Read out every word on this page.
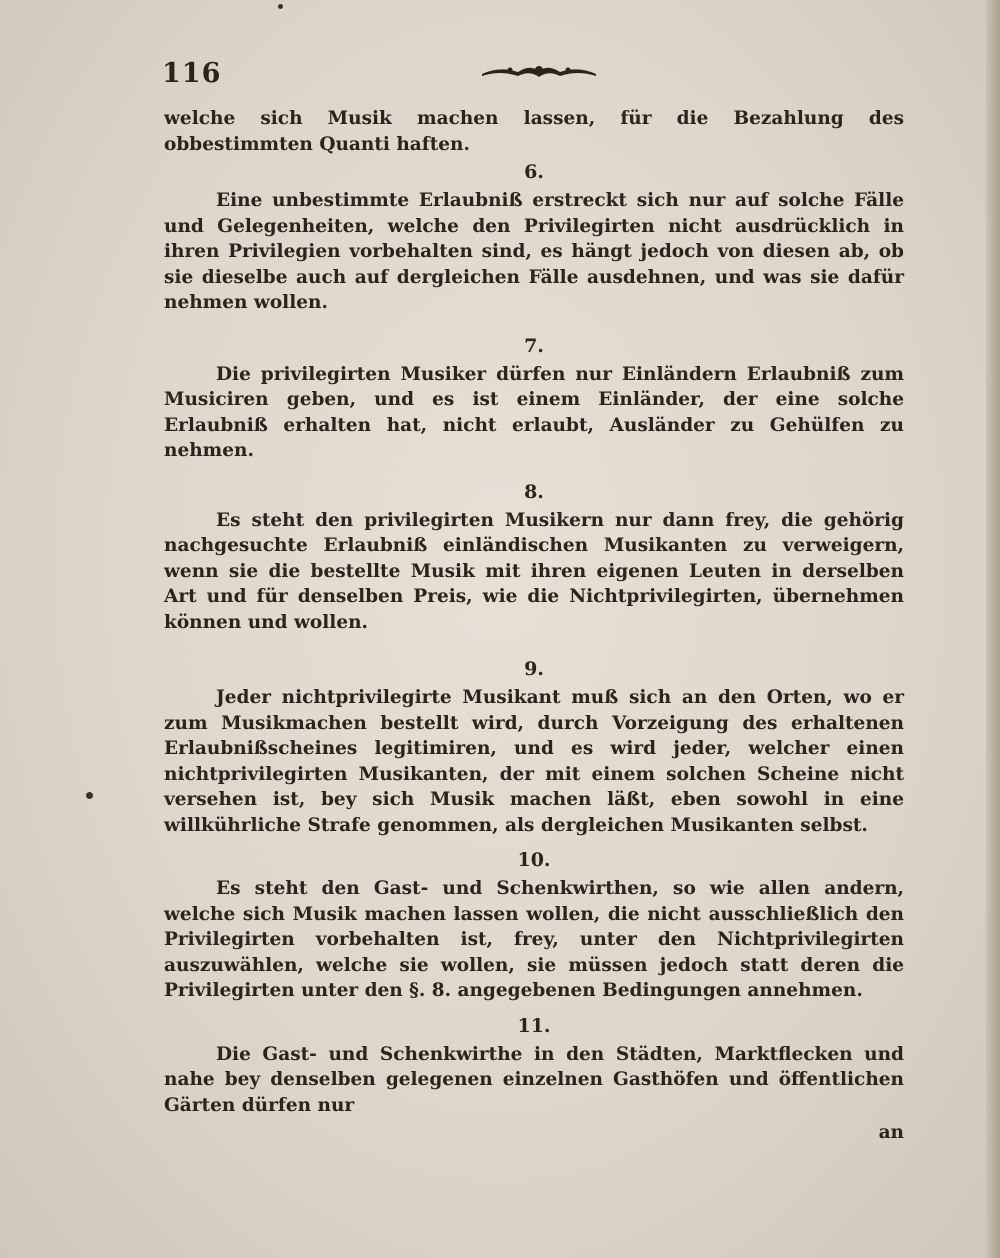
116

welche sich Musik machen lassen, für die Bezahlung des obbestimmten Quanti haften.

6.

Eine unbestimmte Erlaubniß erstreckt sich nur auf solche Fälle und Gelegenheiten, welche den Privilegirten nicht ausdrücklich in ihren Privilegien vorbehalten sind, es hängt jedoch von diesen ab, ob sie dieselbe auch auf dergleichen Fälle ausdehnen, und was sie dafür nehmen wollen.

7.

Die privilegirten Musiker dürfen nur Einländern Erlaubniß zum Musiciren geben, und es ist einem Einländer, der eine solche Erlaubniß erhalten hat, nicht erlaubt, Ausländer zu Gehülfen zu nehmen.

8.

Es steht den privilegirten Musikern nur dann frey, die gehörig nachgesuchte Erlaubniß einländischen Musikanten zu verweigern, wenn sie die bestellte Musik mit ihren eigenen Leuten in derselben Art und für denselben Preis, wie die Nichtprivilegirten, übernehmen können und wollen.

9.

Jeder nichtprivilegirte Musikant muß sich an den Orten, wo er zum Musikmachen bestellt wird, durch Vorzeigung des erhaltenen Erlaubnißscheines legitimiren, und es wird jeder, welcher einen nichtprivilegirten Musikanten, der mit einem solchen Scheine nicht versehen ist, bey sich Musik machen läßt, eben sowohl in eine willkührliche Strafe genommen, als dergleichen Musikanten selbst.

10.

Es steht den Gast- und Schenkwirthen, so wie allen andern, welche sich Musik machen lassen wollen, die nicht ausschließlich den Privilegirten vorbehalten ist, frey, unter den Nichtprivilegirten auszuwählen, welche sie wollen, sie müssen jedoch statt deren die Privilegirten unter den §. 8. angegebenen Bedingungen annehmen.

11.

Die Gast- und Schenkwirthe in den Städten, Marktflecken und nahe bey denselben gelegenen einzelnen Gasthöfen und öffentlichen Gärten dürfen nur

an
